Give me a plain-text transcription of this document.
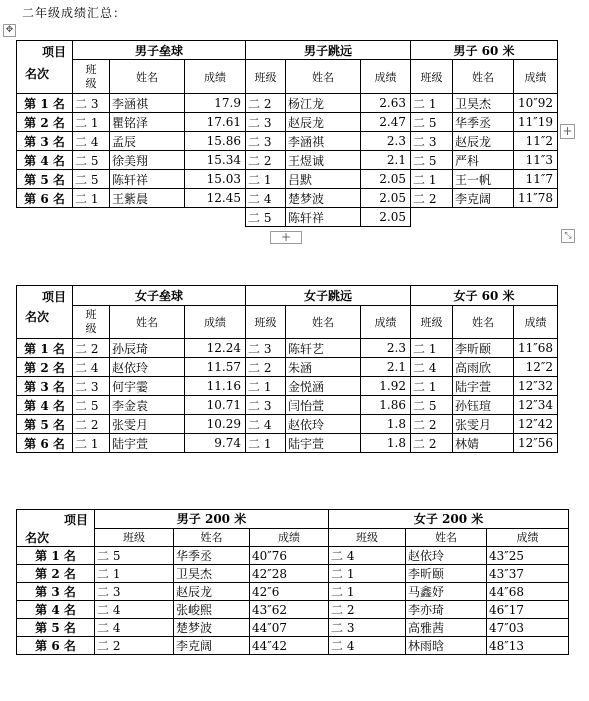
二年级成绩汇总：
✥
项目
名次	男子垒球			男子跳远			男子 60 米		
	班
级	姓名	成绩	班级	姓名	成绩	班级	姓名	成绩
第 1 名	二 3	李涵祺	17.9	二 2	杨江龙	2.63	二 1	卫昊杰	10″92
第 2 名	二 1	瞿铭泽	17.61	二 3	赵辰龙	2.47	二 5	华季丞	11″19
第 3 名	二 4	孟辰	15.86	二 3	李涵祺	2.3	二 3	赵辰龙	11″2
第 4 名	二 5	徐美翔	15.34	二 2	王煜诚	2.1	二 5	严科	11″3
第 5 名	二 5	陈轩祥	15.03	二 1	吕默	2.05	二 1	王一帆	11″7
第 6 名	二 1	王紫晨	12.45	二 4	楚梦波	2.05	二 2	李克阔	11″78
				二 5	陈轩祥	2.05			
+
+	⤡
项目
名次	女子垒球			女子跳远			女子 60 米		
	班
级	姓名	成绩	班级	姓名	成绩	班级	姓名	成绩
第 1 名	二 2	孙辰琦	12.24	二 3	陈轩艺	2.3	二 1	李昕颐	11″68
第 2 名	二 4	赵依玲	11.57	二 2	朱涵	2.1	二 4	高雨欣	12″2
第 3 名	二 3	何宇霎	11.16	二 1	金悦涵	1.92	二 1	陆宇萱	12″32
第 4 名	二 5	李金袁	10.71	二 3	闫怡萱	1.86	二 5	孙钰瑄	12″34
第 5 名	二 2	张雯月	10.29	二 4	赵依玲	1.8	二 2	张雯月	12″42
第 6 名	二 1	陆宇萱	9.74	二 1	陆宇萱	1.8	二 2	林婧	12″56
项目
名次	男子 200 米			女子 200 米		
	班级	姓名	成绩	班级	姓名	成绩
第 1 名	二 5	华季丞	40″76	二 4	赵依玲	43″25
第 2 名	二 1	卫昊杰	42″28	二 1	李昕颐	43″37
第 3 名	二 3	赵辰龙	42″6	二 1	马鑫妤	44″68
第 4 名	二 4	张峻熙	43″62	二 2	李亦琦	46″17
第 5 名	二 4	楚梦波	44″07	二 3	高雅茜	47″03
第 6 名	二 2	李克阔	44″42	二 4	林雨晗	48″13
